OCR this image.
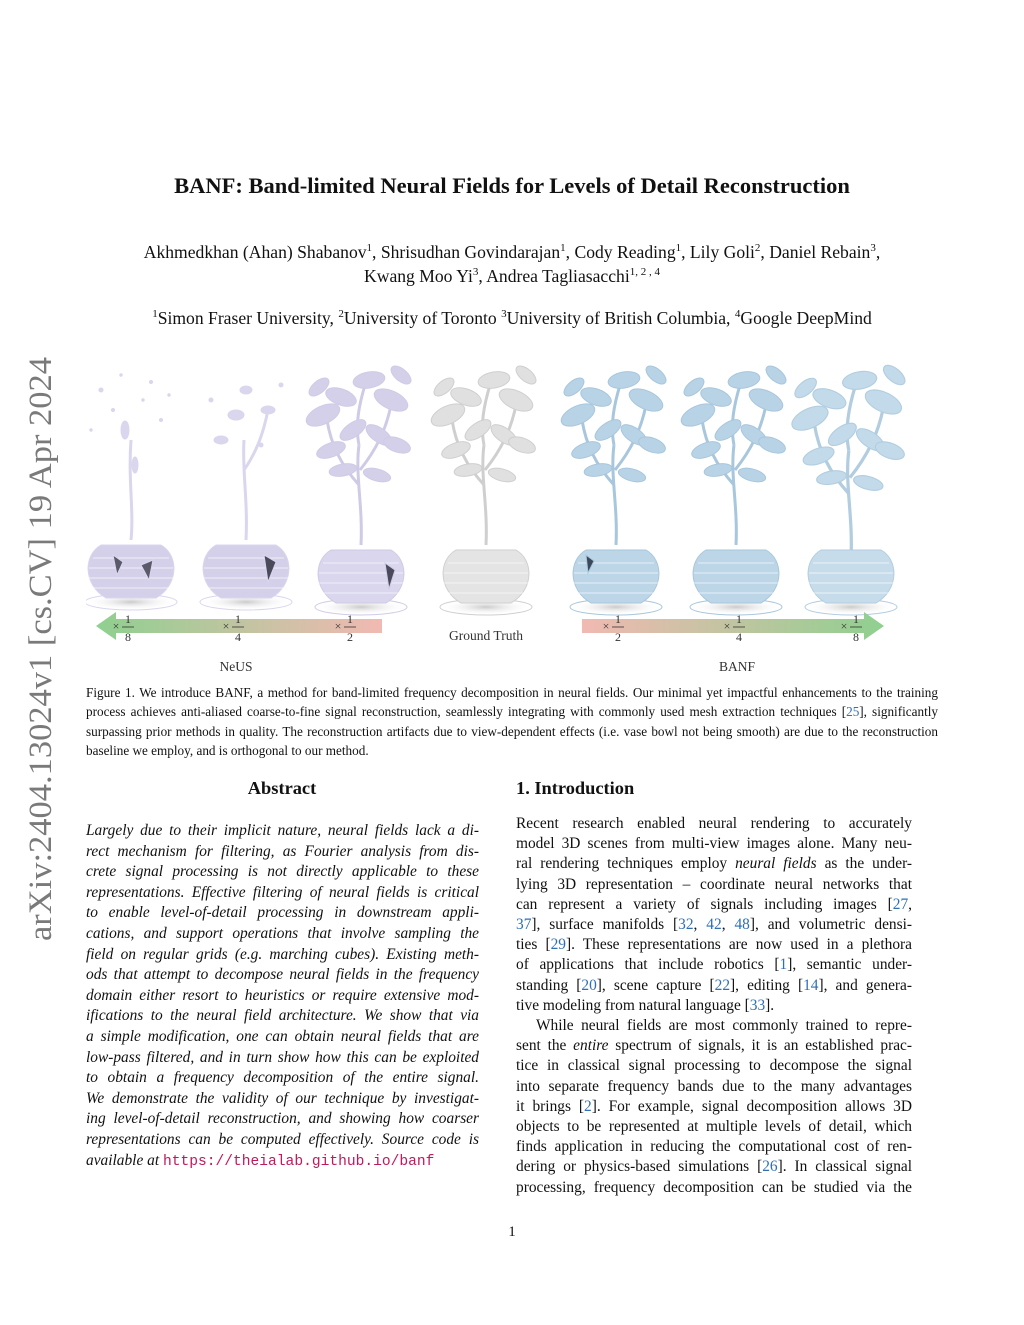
arXiv:2404.13024v1 [cs.CV] 19 Apr 2024
BANF: Band-limited Neural Fields for Levels of Detail Reconstruction
Akhmedkhan (Ahan) Shabanov$^1$, Shrisudhan Govindarajan$^1$, Cody Reading$^1$, Lily Goli$^2$, Daniel Rebain$^3$,
Kwang Moo Yi$^3$, Andrea Tagliasacchi$^{1, 2 , 4}$
$^1$Simon Fraser University, $^2$University of Toronto $^3$University of British Columbia, $^4$Google DeepMind
× 1
8
× 1
4
× 1
2
× 1
2
× 1
4
× 1
8
Ground Truth
NeUS	BANF
Figure 1. We introduce BANF, a method for band-limited frequency decomposition in neural fields. Our minimal yet impactful enhancements to the training process achieves anti-aliased coarse-to-fine signal reconstruction, seamlessly integrating with commonly used mesh extraction techniques [25], significantly surpassing prior methods in quality. The reconstruction artifacts due to view-dependent effects (i.e. vase bowl not being smooth) are due to the reconstruction baseline we employ, and is orthogonal to our method.
Abstract
Largely due to their implicit nature, neural fields lack a di-
rect mechanism for filtering, as Fourier analysis from dis-
crete signal processing is not directly applicable to these
representations. Effective filtering of neural fields is critical
to enable level-of-detail processing in downstream appli-
cations, and support operations that involve sampling the
field on regular grids (e.g. marching cubes). Existing meth-
ods that attempt to decompose neural fields in the frequency
domain either resort to heuristics or require extensive mod-
ifications to the neural field architecture. We show that via
a simple modification, one can obtain neural fields that are
low-pass filtered, and in turn show how this can be exploited
to obtain a frequency decomposition of the entire signal.
We demonstrate the validity of our technique by investigat-
ing level-of-detail reconstruction, and showing how coarser
representations can be computed effectively. Source code is
available at https://theialab.github.io/banf
1. Introduction
Recent research enabled neural rendering to accurately
model 3D scenes from multi-view images alone. Many neu-
ral rendering techniques employ neural fields as the under-
lying 3D representation – coordinate neural networks that
can represent a variety of signals including images [27,
37], surface manifolds [32, 42, 48], and volumetric densi-
ties [29]. These representations are now used in a plethora
of applications that include robotics [1], semantic under-
standing [20], scene capture [22], editing [14], and genera-
tive modeling from natural language [33].
While neural fields are most commonly trained to repre-
sent the entire spectrum of signals, it is an established prac-
tice in classical signal processing to decompose the signal
into separate frequency bands due to the many advantages
it brings [2]. For example, signal decomposition allows 3D
objects to be represented at multiple levels of detail, which
finds application in reducing the computational cost of ren-
dering or physics-based simulations [26]. In classical signal
processing, frequency decomposition can be studied via the
1
